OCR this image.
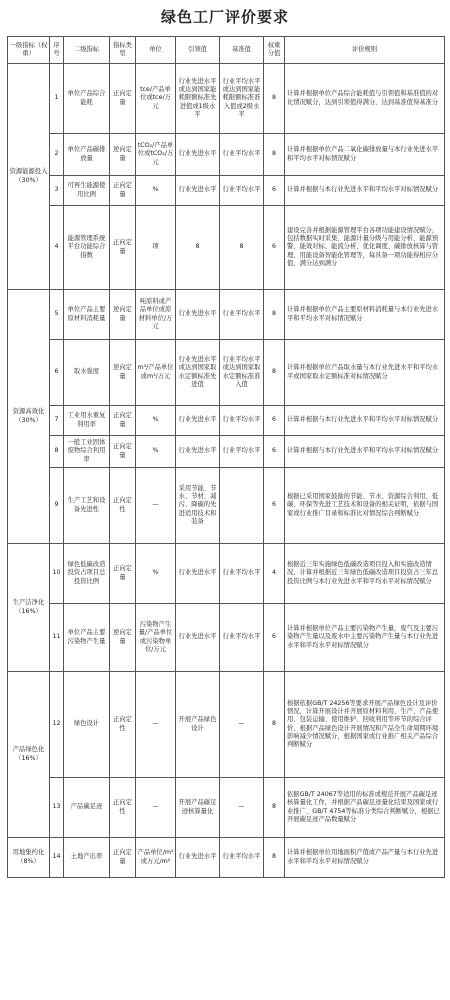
绿色工厂评价要求
一级指标（权重）	序号	二级指标	指标类型	单位	引领值	基准值	权重分值	评价规则
资源能源投入（30%）	1	单位产品综合能耗	正向定量	tce/产品单位或tce/万元	行业先进水平或达到国家能耗限额标准先进值或1级水平	行业平均水平或达到国家能耗限额标准准入值或2级水平	8	计算并根据单位产品综合能耗值与引领值和基准值的对比情况赋分，达到引领值得满分，达到基准值得基准分
	2	单位产品碳排放量	逆向定量	tCO₂/产品单位或tCO₂/万元	行业先进水平	行业平均水平	8	计算并根据单位产品二氧化碳排放量与本行业先进水平和平均水平对标情况赋分
	3	可再生能源使用比例	正向定量	%	行业先进水平	行业平均水平	6	计算并根据与本行业先进水平和平均水平对标情况赋分
	4	能源管理系统平台功能综合指数	正向定量	项	8	8	6	建设完善并根据能源管理平台各项功能建设情况赋分，包括数据实时采集、能源计量分级与用能分析、能源预警、能效对标、能流分析、优化调度、碳排放核算与管理、用能设备智能化管理等，每具备一项功能得相应分值，满分达到满分
资源高效化（30%）	5	单位产品主要原材料消耗量	逆向定量	吨原料或产品单位或原材料单位/万元	行业先进水平	行业平均水平	8	计算并根据单位产品主要原材料消耗量与本行业先进水平和平均水平对标情况赋分
	6	取水强度	逆向定量	m³/产品单位或m³/万元	行业先进水平或达到国家取水定额标准先进值	行业平均水平或达到国家取水定额标准准入值	8	计算并根据单位产品取水量与本行业先进水平和平均水平或国家取水定额标准对标情况赋分
	7	工业用水重复利用率	正向定量	%	行业先进水平	行业平均水平	6	计算并根据与本行业先进水平和平均水平对标情况赋分
	8	一般工业固体废物综合利用率	正向定量	%	行业先进水平	行业平均水平	6	计算并根据与本行业先进水平和平均水平对标情况赋分
	9	生产工艺和设备先进性	正向定性	—	采用节能、节水、节材、减污、降碳的先进适用技术和装备		6	根据已采用国家鼓励的节能、节水、资源综合利用、低碳、环保等先进工艺技术和设备的相关证明，依据与国家或行业推广目录和标准比对情况综合判断赋分
生产洁净化（16%）	10	绿色低碳改造投资占项目总投资比例	正向定量	%	行业先进水平	行业平均水平	4	根据近三年实施绿色低碳改造项目投入和实施改造情况，计算并根据近三年绿色低碳改造项目投资占三年总投资比例与本行业先进水平和平均水平对标情况赋分
	11	单位产品主要污染物产生量	逆向定量	污染物产生量/产品单位或污染物单位/万元	行业先进水平	行业平均水平	6	计算并根据单位产品主要污染物产生量，废气及主要污染物产生量以及废水中主要污染物产生量与本行业先进水平和平均水平对标情况赋分
产品绿色化（16%）	12	绿色设计	正向定性	—	开展产品绿色设计	—	8	根据依据GB/T 24256等要求开展产品绿色设计及评价情况，计算开展设计并开展原材料利用、生产、产品使用、包装运输、使用维护、回收利用等环节的综合评价，根据产品绿色设计开展情况和产品全生命周期环境影响减少情况赋分，根据国家或行业推广相关产品综合判断赋分
	13	产品碳足迹	正向定性	—	开展产品碳足迹核算量化	—	8	依据GB/T 24067等适用的标准或规范开展产品碳足迹核算量化工作，并根据产品碳足迹量化结果及国家或行业推广、GB/T 4754等标准分类综合判断赋分，根据已开展碳足迹产品数量赋分
用地集约化（8%）	14	土地产出率	正向定量	产品单位/m²或万元/m²	行业先进水平	行业平均水平	8	计算并根据单位用地面积产值或产品产量与本行业先进水平和平均水平对标情况赋分
